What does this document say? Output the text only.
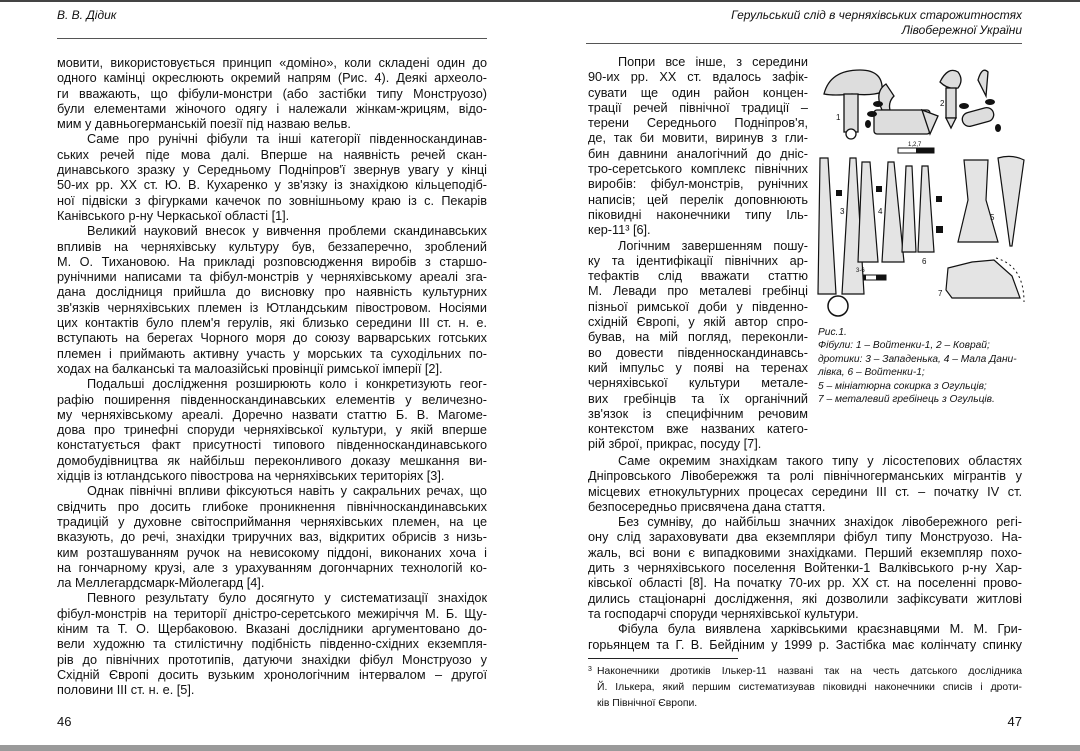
В. В. Дідик
мовити, використовується принцип «доміно», коли складені один до
одного камінці окреслюють окремий напрям (Рис. 4). Деякі археоло-
ги вважають, що фібули-монстри (або застібки типу Монструозо)
були елементами жіночого одягу і належали жінкам-жрицям, відо-
мим у давньогерманській поезії під назваю вельв.
Саме про рунічні фібули та інші категорії південноскандинав-
ських речей піде мова далі. Вперше на наявність речей скан-
динавського зразку у Середньому Подніпров'ї звернув увагу у кінці
50-их рр. XX ст. Ю. В. Кухаренко у зв'язку із знахідкою кільцеподіб-
ної підвіски з фігурками качечок по зовнішньому краю із с. Пекарів
Канівського р-ну Черкаської області [1].
Великий науковий внесок у вивчення проблеми скандинавських
впливів на черняхівську культуру був, беззаперечно, зроблений
М. О. Тихановою. На прикладі розповсюдження виробів з старшо-
рунічними написами та фібул-монстрів у черняхівському ареалі зга-
дана дослідниця прийшла до висновку про наявність культурних
зв'язків черняхівських племен із Ютландським півостровом. Носіями
цих контактів було плем'я герулів, які близько середини III ст. н. е.
вступають на берегах Чорного моря до союзу варварських готських
племен і приймають активну участь у морських та суходільних по-
ходах на балканські та малоазійські провінції римської імперії [2].
Подальші дослідження розширюють коло і конкретизують геог-
рафію поширення південноскандинавських елементів у величезно-
му черняхівському ареалі. Доречно назвати статтю Б. В. Магоме-
дова про тринефні споруди черняхівської культури, у якій вперше
констатується факт присутності типового південноскандинавського
домобудівництва як найбільш переконливого доказу мешкання ви-
хідців із ютландського півострова на черняхівських територіях [3].
Однак північні впливи фіксуються навіть у сакральних речах, що
свідчить про досить глибоке проникнення північноскандинавських
традицій у духовне світосприймання черняхівських племен, на це
вказують, до речі, знахідки триручних ваз, відкритих обрисів з низь-
ким розташуванням ручок на невисокому піддоні, виконаних хоча і
на гончарному крузі, але з урахуванням догончарних технологій ко-
ла Меллегардсмарк-Мйолегард [4].
Певного результату було досягнуто у систематизації знахідок
фібул-монстрів на території дністро-серетського межиріччя М. Б. Щу-
кіним та Т. О. Щербаковою. Вказані дослідники аргументовано до-
вели художню та стилістичну подібність південно-східних екземпля-
рів до північних прототипів, датуючи знахідки фібул Монструозо у
Східній Європі досить вузьким хронологічним інтервалом – другої
половини III ст. н. е. [5].
46
Герульський слід в черняхівських старожитностях
Лівобережної України
Попри все інше, з середини
90-их рр. XX ст. вдалось зафік-
сувати ще один район концен-
трації речей північної традиції –
терени Середнього Подніпров'я,
де, так би мовити, виринув з гли-
бин давнини аналогічний до дніс-
тро-серетського комплекс північних
виробів: фібул-монстрів, рунічних
написів; цей перелік доповнюють
піковидні наконечники типу Іль-
кер-11³ [6].
Логічним завершенням пошу-
ку та ідентифікації північних ар-
тефактів слід вважати статтю
М. Левади про металеві гребінці
пізньої римської доби у південно-
східній Європі, у якій автор спро-
бував, на мій погляд, переконли-
во довести південноскандинавсь-
кий імпульс у появі на теренах
черняхівської культури метале-
вих гребінців та їх органічний
зв'язок із специфічним речовим
контекстом вже названих катего-
рій зброї, прикрас, посуду [7].
Саме окремим знахідкам такого типу у лісостепових областях
Дніпровського Лівобережжя та ролі північногерманських мігрантів у
місцевих етнокультурних процесах середини III ст. – початку IV ст.
безпосередньо присвячена дана стаття.
Без сумніву, до найбільш значних знахідок лівобережного регі-
ону слід зараховувати два екземпляри фібул типу Монструозо. На-
жаль, всі вони є випадковими знахідками. Перший екземпляр похо-
дить з черняхівського поселення Войтенки-1 Валківського р-ну Хар-
ківської області [8]. На початку 70-их рр. XX ст. на поселенні прово-
дились стаціонарні дослідження, які дозволили зафіксувати житлові
та господарчі споруди черняхівської культури.
Фібула була виявлена харківськими краєзнавцями М. М. Гри-
горьянцем та Г. В. Бейдіним у 1999 р. Застібка має колінчату спинку
1
2
3	4
5
6
7
1,2,7
3-6
Рис.1.
Фібули: 1 – Войтенки-1, 2 – Коврай;
дротики: 3 – Западенька, 4 – Мала Дани-
лівка, 6 – Войтенки-1;
5 – мініатюрна сокирка з Огульців;
7 – металевий гребінець з Огульців.
3 Наконечники дротиків Ількер-11 названі так на честь датського дослідника
Й. Ількера, який першим систематизував піковидні наконечники списів і дроти-
ків Північної Європи.
47
